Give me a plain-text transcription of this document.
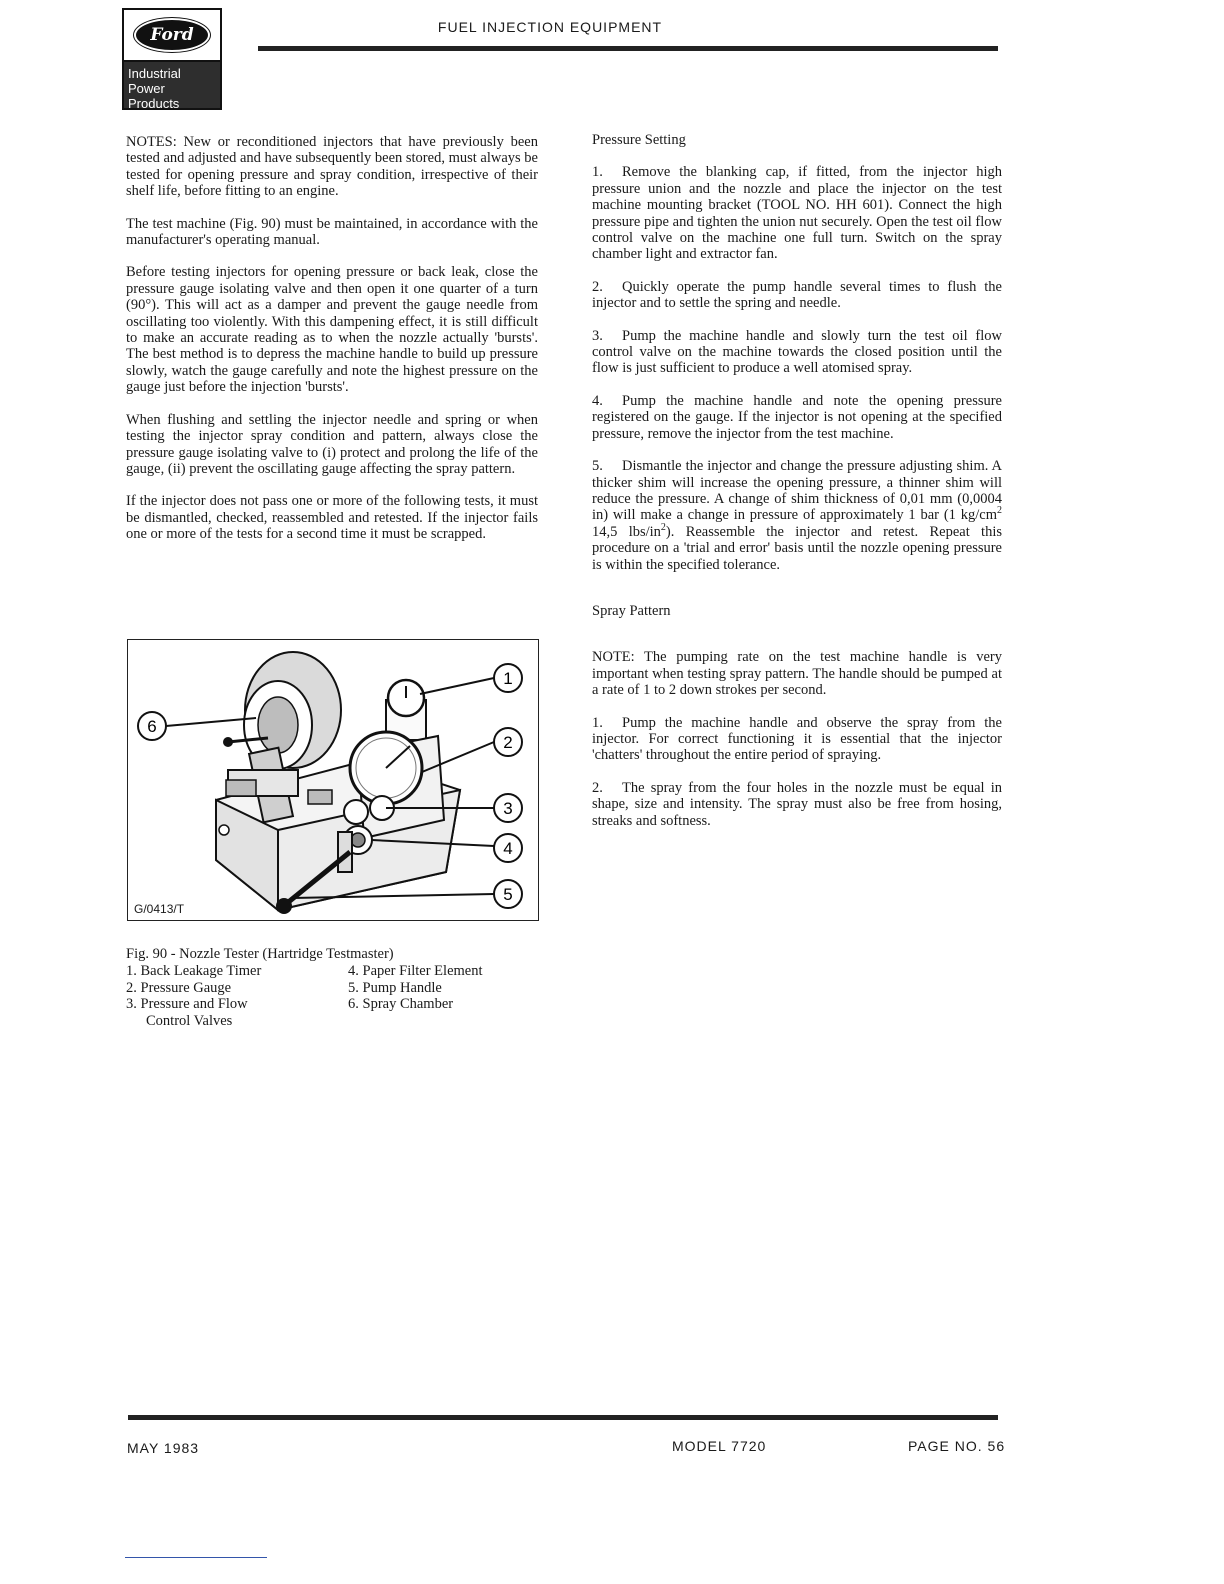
Ford
Industrial
Power
Products
FUEL INJECTION EQUIPMENT

NOTES: New or reconditioned injectors that have previously been tested and adjusted and have subsequently been stored, must always be tested for opening pressure and spray condition, irrespective of their shelf life, before fitting to an engine.

The test machine (Fig. 90) must be maintained, in accordance with the manufacturer's operating manual.

Before testing injectors for opening pressure or back leak, close the pressure gauge isolating valve and then open it one quarter of a turn (90°). This will act as a damper and prevent the gauge needle from oscillating too violently. With this dampening effect, it is still difficult to make an accurate reading as to when the nozzle actually 'bursts'. The best method is to depress the machine handle to build up pressure slowly, watch the gauge carefully and note the highest pressure on the gauge just before the injection 'bursts'.

When flushing and settling the injector needle and spring or when testing the injector spray condition and pattern, always close the pressure gauge isolating valve to (i) protect and prolong the life of the gauge, (ii) prevent the oscillating gauge affecting the spray pattern.

If the injector does not pass one or more of the following tests, it must be dismantled, checked, reassembled and retested. If the injector fails one or more of the tests for a second time it must be scrapped.

1
2
3
4
5
6
G/0413/T
Fig. 90 - Nozzle Tester (Hartridge Testmaster)
1. Back Leakage Timer	4. Paper Filter Element
2. Pressure Gauge	5. Pump Handle
3. Pressure and Flow	6. Spray Chamber
Control Valves	
Pressure Setting

1. Remove the blanking cap, if fitted, from the injector high pressure union and the nozzle and place the injector on the test machine mounting bracket (TOOL NO. HH 601). Connect the high pressure pipe and tighten the union nut securely. Open the test oil flow control valve on the machine one full turn. Switch on the spray chamber light and extractor fan.

2. Quickly operate the pump handle several times to flush the injector and to settle the spring and needle.

3. Pump the machine handle and slowly turn the test oil flow control valve on the machine towards the closed position until the flow is just sufficient to produce a well atomised spray.

4. Pump the machine handle and note the opening pressure registered on the gauge. If the injector is not opening at the specified pressure, remove the injector from the test machine.

5. Dismantle the injector and change the pressure adjusting shim. A thicker shim will increase the opening pressure, a thinner shim will reduce the pressure. A change of shim thickness of 0,01 mm (0,0004 in) will make a change in pressure of approximately 1 bar (1 $kg/cm^2$ 14,5 lbs/$in^2$). Reassemble the injector and retest. Repeat this procedure on a 'trial and error' basis until the nozzle opening pressure is within the specified tolerance.

Spray Pattern

NOTE: The pumping rate on the test machine handle is very important when testing spray pattern. The handle should be pumped at a rate of 1 to 2 down strokes per second.

1. Pump the machine handle and observe the spray from the injector. For correct functioning it is essential that the injector 'chatters' throughout the entire period of spraying.

2. The spray from the four holes in the nozzle must be equal in shape, size and intensity. The spray must also be free from hosing, streaks and softness.

MAY 1983	MODEL 7720	PAGE NO. 56
